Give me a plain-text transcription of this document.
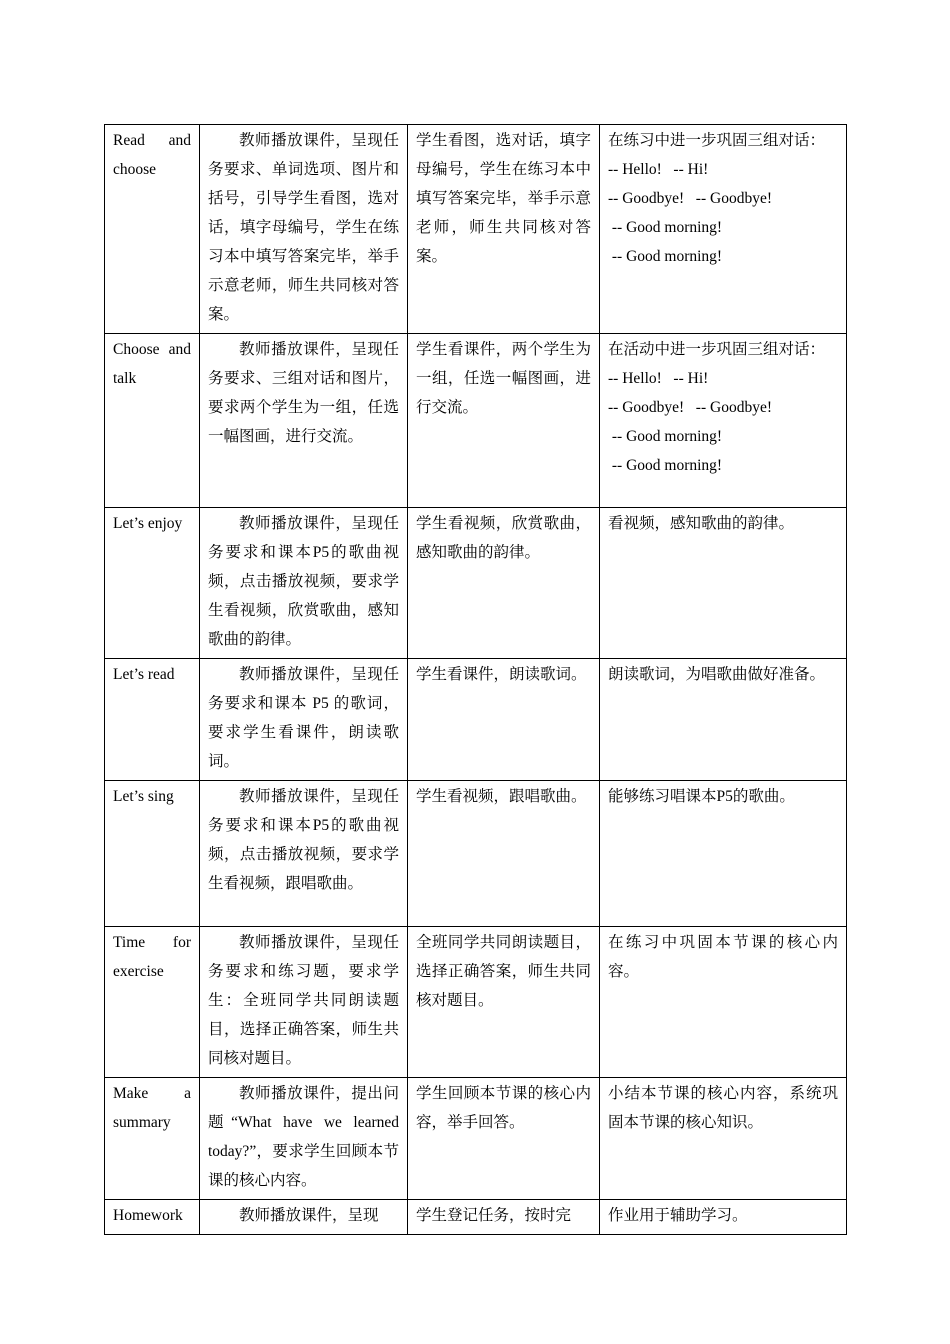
Read and choose	教师播放课件，呈现任务要求、单词选项、图片和括号，引导学生看图，选对话，填字母编号，学生在练习本中填写答案完毕，举手示意老师，师生共同核对答案。	学生看图，选对话，填字母编号，学生在练习本中填写答案完毕，举手示意老师，师生共同核对答案。	在练习中进一步巩固三组对话：
-- Hello!   -- Hi!
-- Goodbye!   -- Goodbye!
-- Good morning!
-- Good morning!

Choose and talk	教师播放课件，呈现任务要求、三组对话和图片，要求两个学生为一组，任选一幅图画，进行交流。	学生看课件，两个学生为一组，任选一幅图画，进行交流。	在活动中进一步巩固三组对话：
-- Hello!   -- Hi!
-- Goodbye!   -- Goodbye!
-- Good morning!
-- Good morning!

Let’s enjoy	教师播放课件，呈现任务要求和课本P5的歌曲视频，点击播放视频，要求学生看视频，欣赏歌曲，感知歌曲的韵律。	学生看视频，欣赏歌曲，感知歌曲的韵律。	看视频，感知歌曲的韵律。
Let’s read	教师播放课件，呈现任务要求和课本 P5 的歌词，要求学生看课件，朗读歌词。	学生看课件，朗读歌词。	朗读歌词，为唱歌曲做好准备。
Let’s sing	教师播放课件，呈现任务要求和课本P5的歌曲视频，点击播放视频，要求学生看视频，跟唱歌曲。	学生看视频，跟唱歌曲。	能够练习唱课本P5的歌曲。
Time for exercise	教师播放课件，呈现任务要求和练习题，要求学生：全班同学共同朗读题目，选择正确答案，师生共同核对题目。	全班同学共同朗读题目，选择正确答案，师生共同核对题目。	在练习中巩固本节课的核心内容。
Make a summary	教师播放课件，提出问题“What have we learned today?”，要求学生回顾本节课的核心内容。	学生回顾本节课的核心内容，举手回答。	小结本节课的核心内容，系统巩固本节课的核心知识。
Homework	教师播放课件，呈现	学生登记任务，按时完	作业用于辅助学习。
